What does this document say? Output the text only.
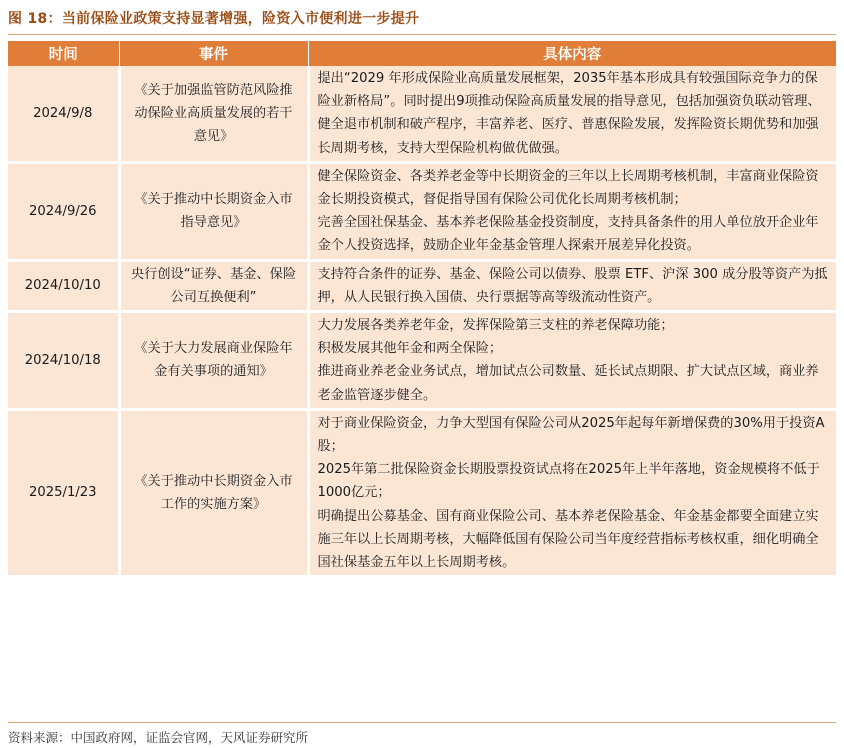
图 18：当前保险业政策支持显著增强，险资入市便利进一步提升
时间	事件	具体内容
2024/9/8	《关于加强监管防范风险推动保险业高质量发展的若干意见》	提出“2029 年形成保险业高质量发展框架，2035年基本形成具有较强国际竞争力的保险业新格局”。同时提出9项推动保险高质量发展的指导意见，包括加强资负联动管理、健全退市机制和破产程序，丰富养老、医疗、普惠保险发展，发挥险资长期优势和加强长周期考核，支持大型保险机构做优做强。

2024/9/26	《关于推动中长期资金入市指导意见》	健全保险资金、各类养老金等中长期资金的三年以上长周期考核机制，丰富商业保险资金长期投资模式，督促指导国有保险公司优化长周期考核机制；
完善全国社保基金、基本养老保险基金投资制度，支持具备条件的用人单位放开企业年金个人投资选择，鼓励企业年金基金管理人探索开展差异化投资。

2024/10/10	央行创设“证券、基金、保险公司互换便利”	支持符合条件的证券、基金、保险公司以债券、股票 ETF、沪深 300 成分股等资产为抵押，从人民银行换入国债、央行票据等高等级流动性资产。

2024/10/18	《关于大力发展商业保险年金有关事项的通知》	大力发展各类养老年金，发挥保险第三支柱的养老保障功能；
积极发展其他年金和两全保险；
推进商业养老金业务试点，增加试点公司数量、延长试点期限、扩大试点区域，商业养老金监管逐步健全。

2025/1/23	《关于推动中长期资金入市工作的实施方案》	对于商业保险资金，力争大型国有保险公司从2025年起每年新增保费的30%用于投资A股；
2025年第二批保险资金长期股票投资试点将在2025年上半年落地，资金规模将不低于1000亿元；
明确提出公募基金、国有商业保险公司、基本养老保险基金、年金基金都要全面建立实施三年以上长周期考核，大幅降低国有保险公司当年度经营指标考核权重，细化明确全国社保基金五年以上长周期考核。
资料来源：中国政府网，证监会官网，天风证券研究所
